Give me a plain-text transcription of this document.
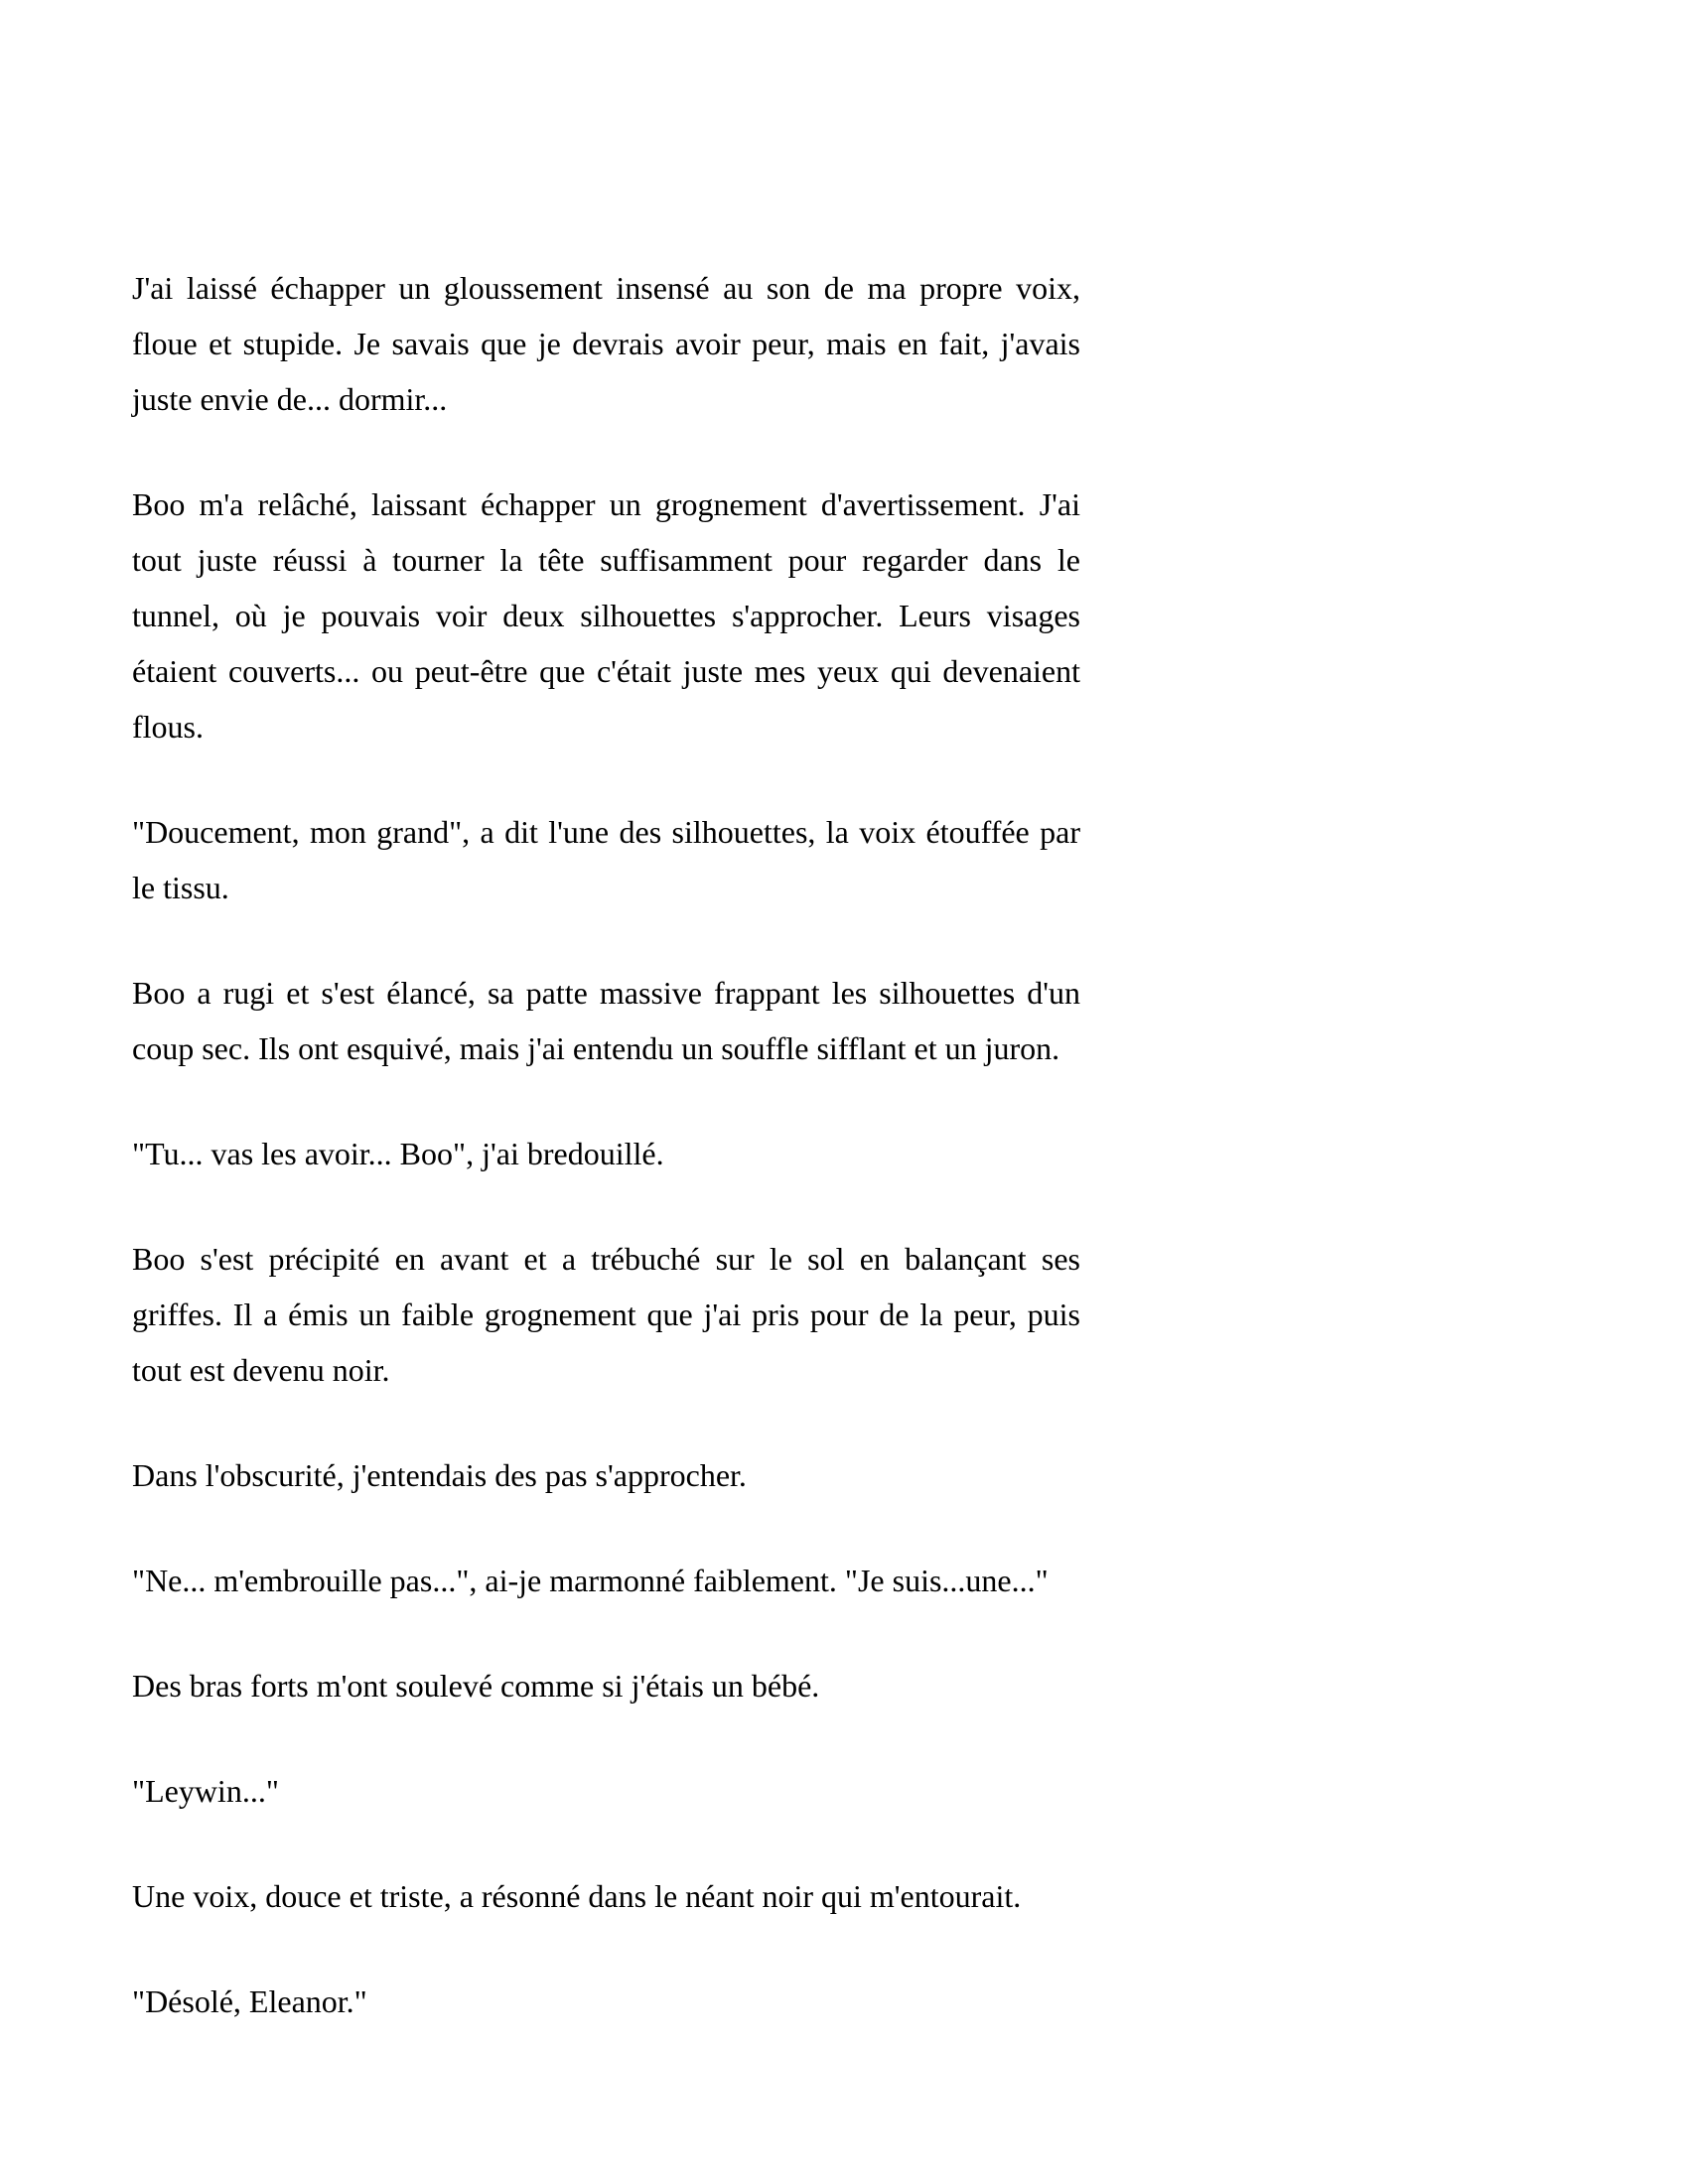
J'ai laissé échapper un gloussement insensé au son de ma propre voix, floue et stupide. Je savais que je devrais avoir peur, mais en fait, j'avais juste envie de... dormir...

Boo m'a relâché, laissant échapper un grognement d'avertissement. J'ai tout juste réussi à tourner la tête suffisamment pour regarder dans le tunnel, où je pouvais voir deux silhouettes s'approcher. Leurs visages étaient couverts... ou peut-être que c'était juste mes yeux qui devenaient flous.

"Doucement, mon grand", a dit l'une des silhouettes, la voix étouffée par le tissu.

Boo a rugi et s'est élancé, sa patte massive frappant les silhouettes d'un coup sec. Ils ont esquivé, mais j'ai entendu un souffle sifflant et un juron.

"Tu... vas les avoir... Boo", j'ai bredouillé.

Boo s'est précipité en avant et a trébuché sur le sol en balançant ses griffes. Il a émis un faible grognement que j'ai pris pour de la peur, puis tout est devenu noir.

Dans l'obscurité, j'entendais des pas s'approcher.

"Ne... m'embrouille pas...", ai-je marmonné faiblement. "Je suis...une..."

Des bras forts m'ont soulevé comme si j'étais un bébé.

"Leywin..."

Une voix, douce et triste, a résonné dans le néant noir qui m'entourait.

"Désolé, Eleanor."
